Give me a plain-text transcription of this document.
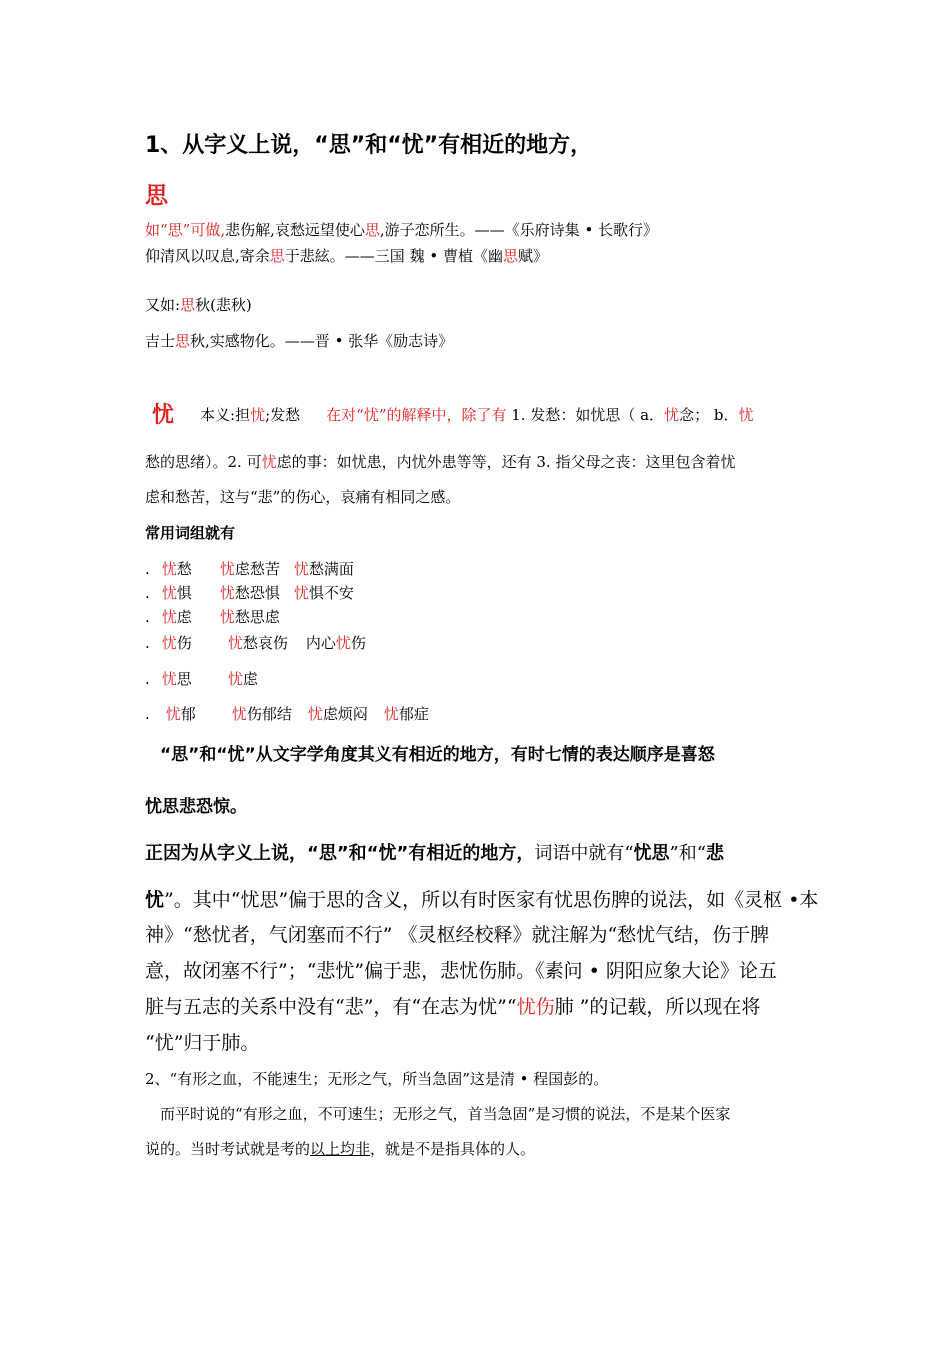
1、从字义上说，“思”和“忧”有相近的地方，
思
如“思”可做,悲伤解,哀愁远望使心思,游子恋所生。——《乐府诗集 • 长歌行》
仰清风以叹息,寄余思于悲絃。——三国 魏 • 曹植《幽思赋》
又如:思秋(悲秋)
吉士思秋,实感物化。——晋 • 张华《励志诗》
忧 本义:担忧;发愁 在对“忧”的解释中，除了有 1. 发愁：如忧思（ a．忧念； b．忧
愁的思绪）。2. 可忧虑的事：如忧患，内忧外患等等，还有 3. 指父母之丧：这里包含着忧
虑和愁苦，这与“悲”的伤心，哀痛有相同之感。
常用词组就有
. 忧愁 忧虑愁苦 忧愁满面
. 忧惧 忧愁恐惧 忧惧不安
. 忧虑 忧愁思虑
. 忧伤 忧愁哀伤 内心忧伤
. 忧思 忧虑
. 忧郁 忧伤郁结 忧虑烦闷 忧郁症
“思”和“忧”从文字学角度其义有相近的地方，有时七情的表达顺序是喜怒
忧思悲恐惊。
正因为从字义上说，“思”和“忧”有相近的地方，词语中就有“忧思”和“悲
忧”。其中“忧思”偏于思的含义，所以有时医家有忧思伤脾的说法，如《灵枢 •本
神》“愁忧者，气闭塞而不行” 《灵枢经校释》就注解为“愁忧气结，伤于脾
意，故闭塞不行”；“悲忧”偏于悲，悲忧伤肺。《素问 • 阴阳应象大论》论五
脏与五志的关系中没有“悲”，有“在志为忧”“忧伤肺 ”的记载，所以现在将
“忧”归于肺。
2、“有形之血，不能速生；无形之气，所当急固”这是清 • 程国彭的。
而平时说的“有形之血，不可速生；无形之气，首当急固”是习惯的说法，不是某个医家
说的。当时考试就是考的以上均非，就是不是指具体的人。
